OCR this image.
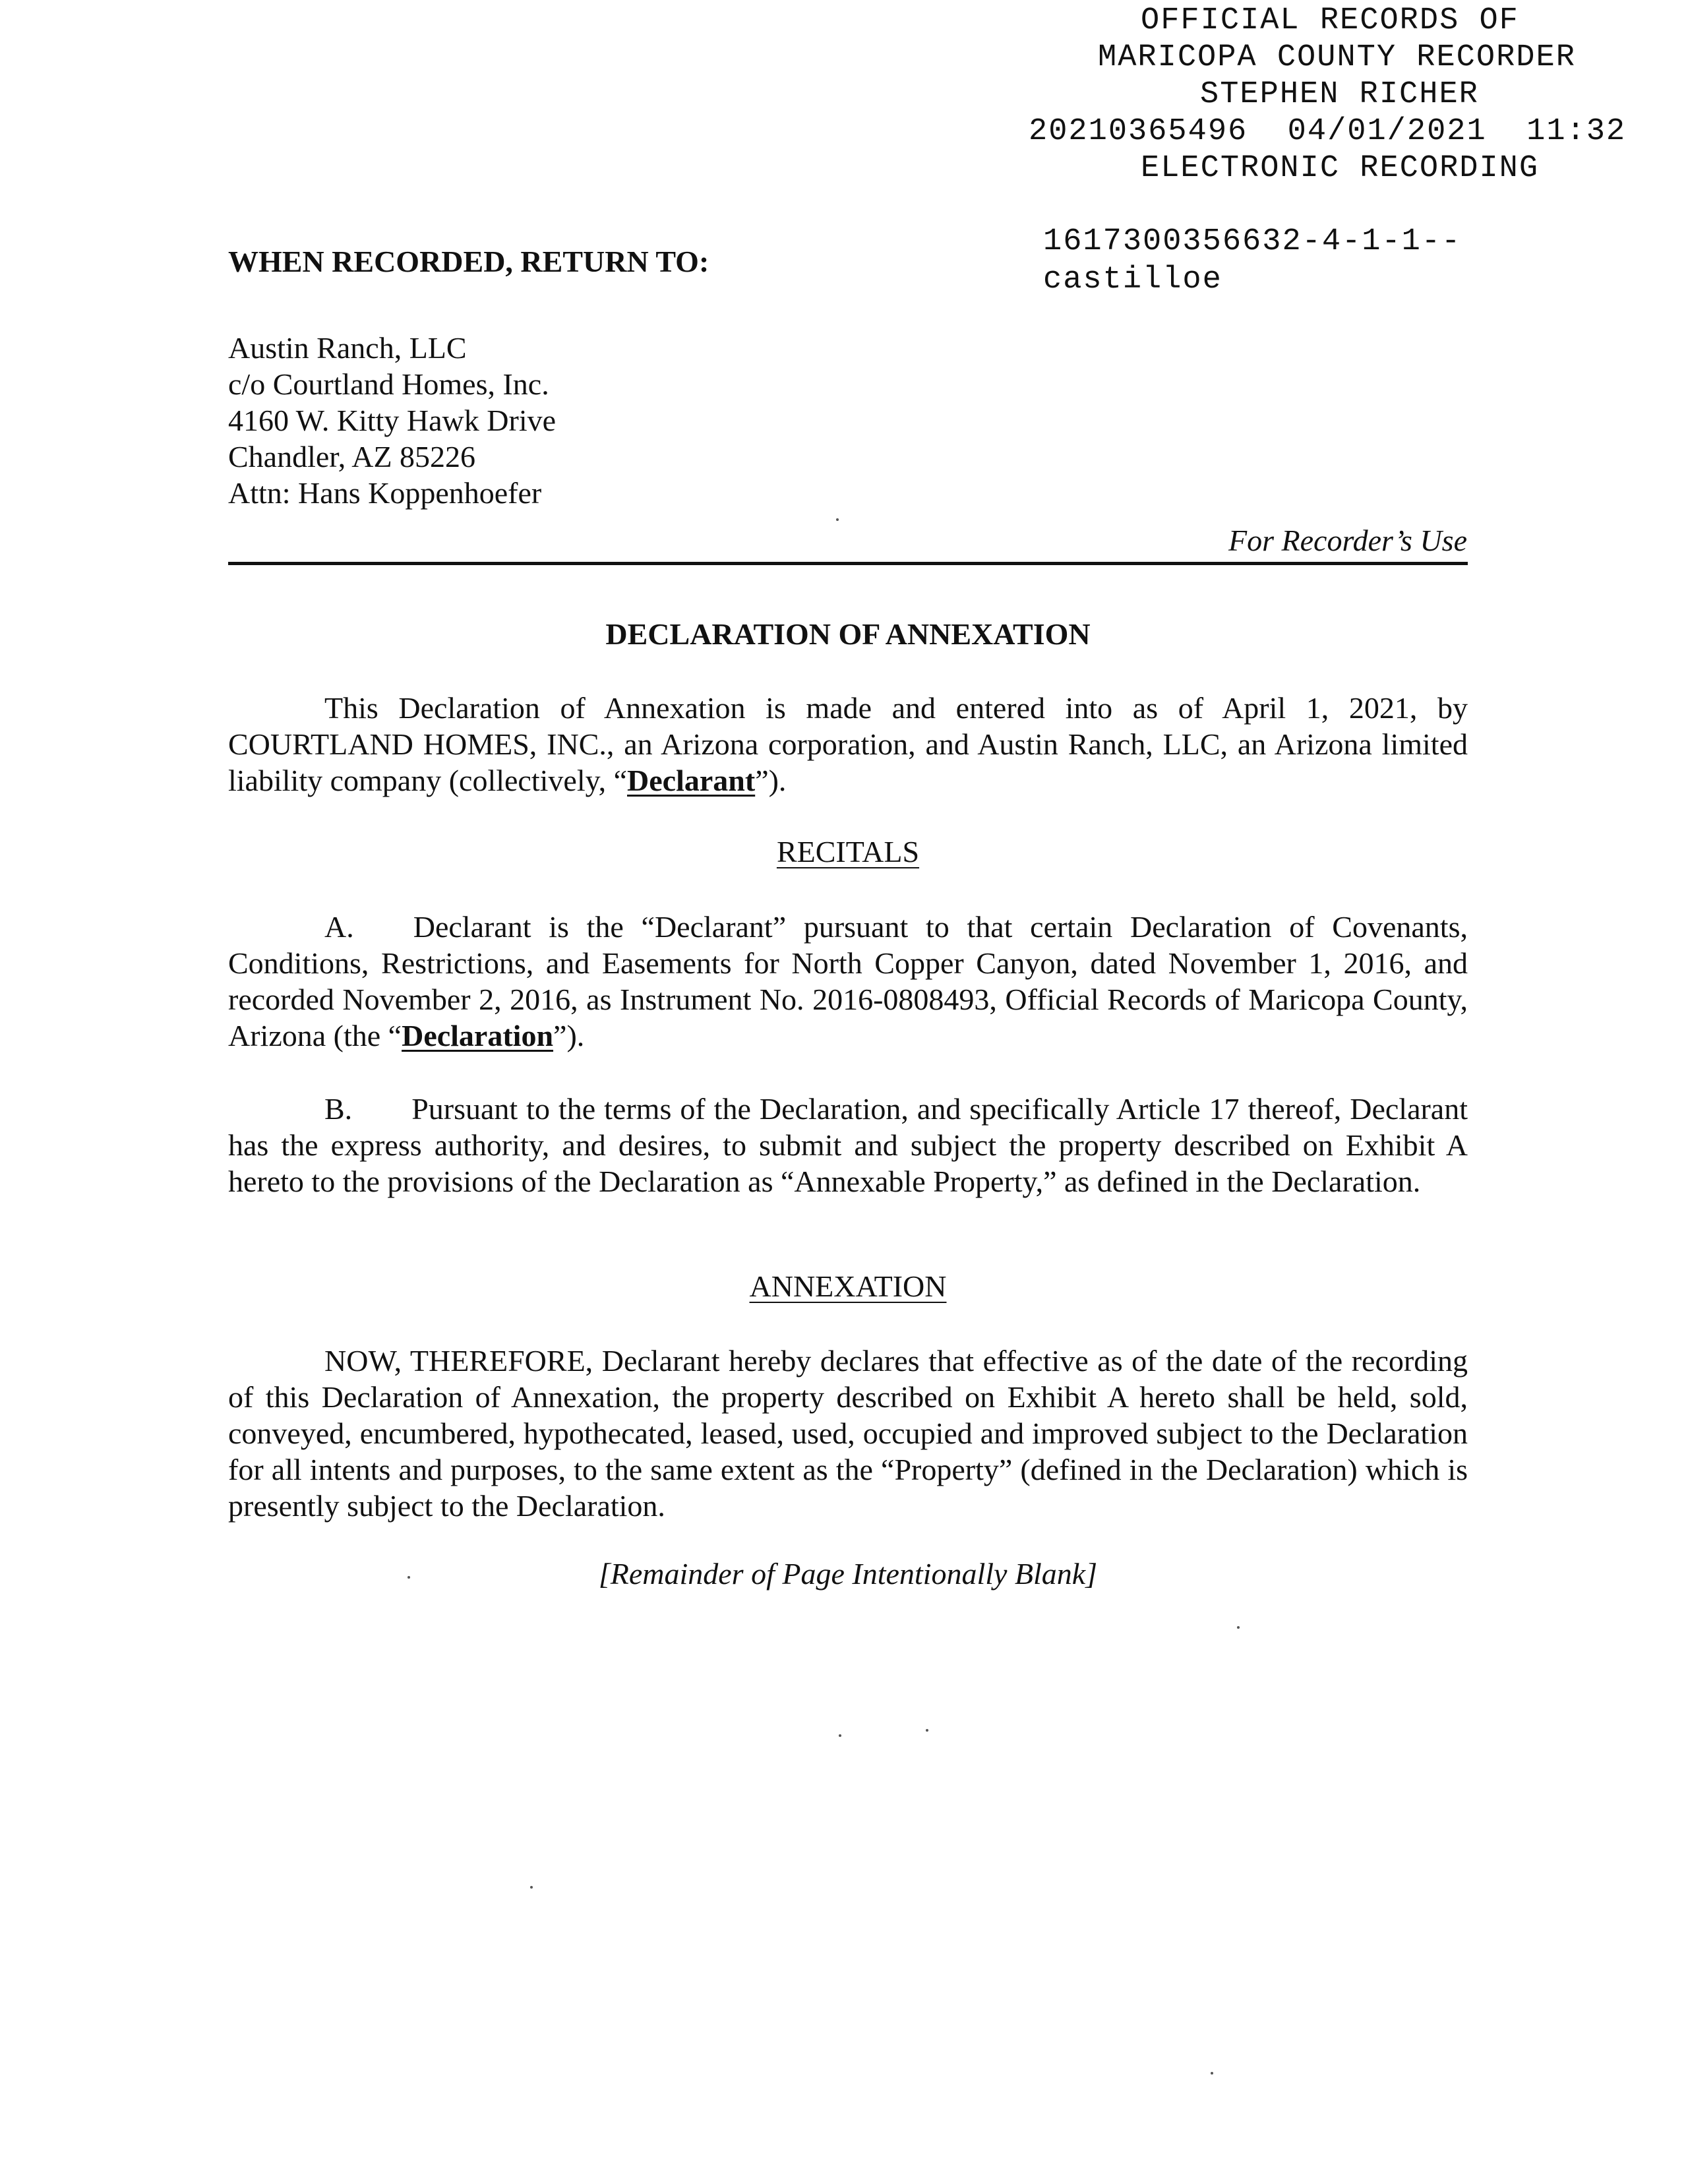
OFFICIAL RECORDS OF
MARICOPA COUNTY RECORDER
STEPHEN RICHER
20210365496  04/01/2021  11:32
ELECTRONIC RECORDING
1617300356632-4-1-1--
castilloe
WHEN RECORDED, RETURN TO:
Austin Ranch, LLC
c/o Courtland Homes, Inc.
4160 W. Kitty Hawk Drive
Chandler, AZ 85226
Attn: Hans Koppenhoefer
For Recorder’s Use
DECLARATION OF ANNEXATION
This Declaration of Annexation is made and entered into as of April 1, 2021, by COURTLAND HOMES, INC., an Arizona corporation, and Austin Ranch, LLC, an Arizona limited liability company (collectively, “Declarant”).
RECITALS
A. Declarant is the “Declarant” pursuant to that certain Declaration of Covenants, Conditions, Restrictions, and Easements for North Copper Canyon, dated November 1, 2016, and recorded November 2, 2016, as Instrument No. 2016-0808493, Official Records of Maricopa County, Arizona (the “Declaration”).
B. Pursuant to the terms of the Declaration, and specifically Article 17 thereof, Declarant has the express authority, and desires, to submit and subject the property described on Exhibit A hereto to the provisions of the Declaration as “Annexable Property,” as defined in the Declaration.
ANNEXATION
NOW, THEREFORE, Declarant hereby declares that effective as of the date of the recording of this Declaration of Annexation, the property described on Exhibit A hereto shall be held, sold, conveyed, encumbered, hypothecated, leased, used, occupied and improved subject to the Declaration for all intents and purposes, to the same extent as the “Property” (defined in the Declaration) which is presently subject to the Declaration.
[Remainder of Page Intentionally Blank]
